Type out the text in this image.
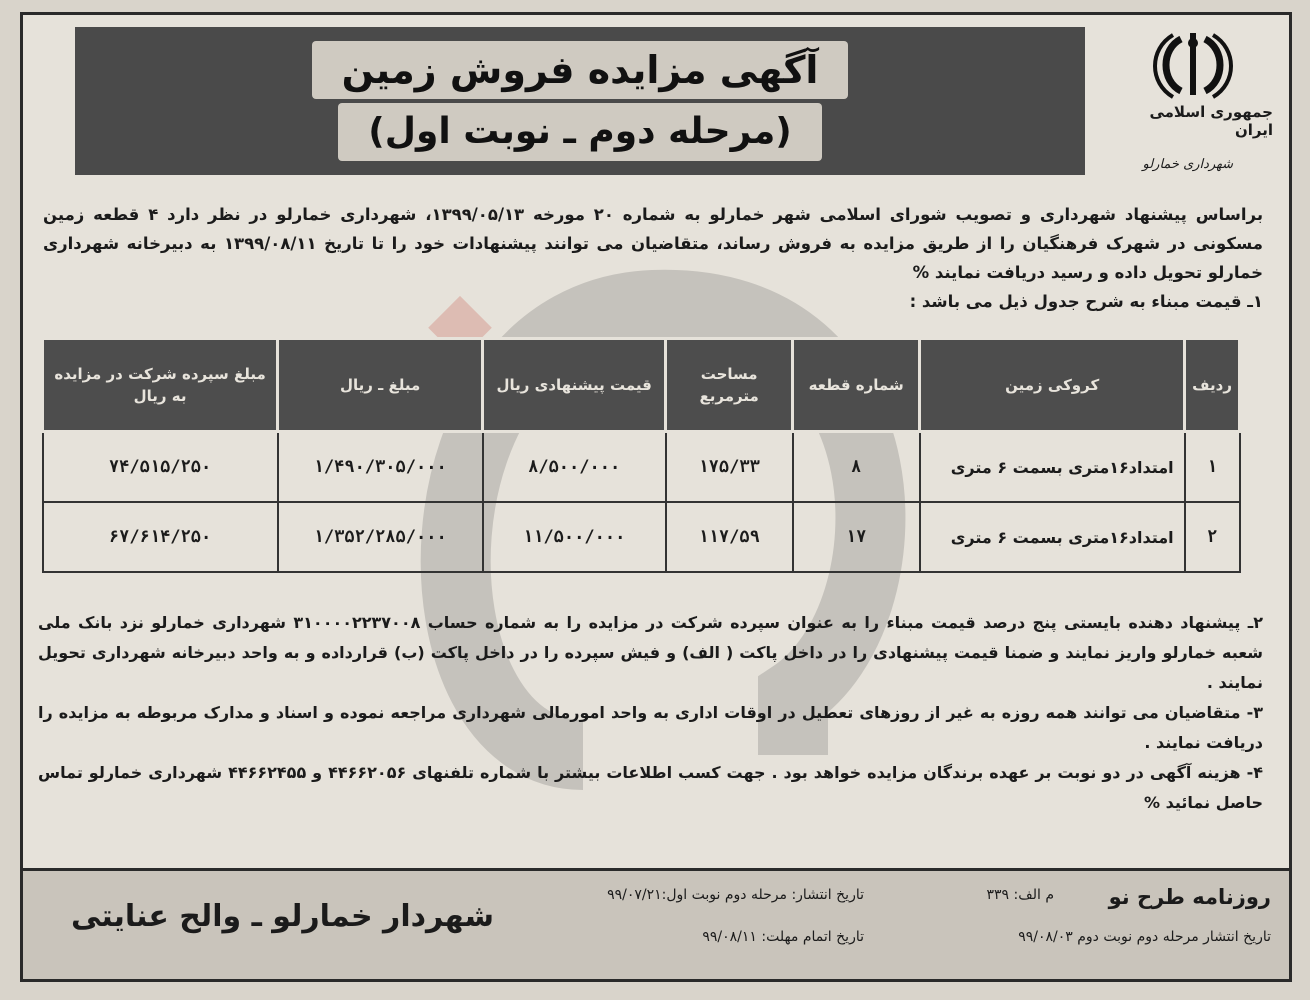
آگهی مزایده فروش زمین
(مرحله دوم ـ نوبت اول)	جمهوری اسلامی ایران
شهرداری خمارلو

براساس پیشنهاد شهرداری و تصویب شورای اسلامی شهر خمارلو به شماره ۲۰ مورخه ۱۳۹۹/۰۵/۱۳، شهرداری خمارلو در نظر دارد ۴ قطعه زمین مسکونی در شهرک فرهنگیان را از طریق مزایده به فروش رساند، متقاضیان می توانند پیشنهادات خود را تا تاریخ ۱۳۹۹/۰۸/۱۱ به دبیرخانه شهرداری خمارلو تحویل داده و رسید دریافت نمایند %

۱ـ قیمت مبناء به شرح جدول ذیل می باشد :

ردیف	کروکی زمین	شماره قطعه	مساحت مترمربع	قیمت پیشنهادی ریال	مبلغ ـ ریال	مبلغ سپرده شرکت در مزایده به ریال
۱	امتداد۱۶متری بسمت ۶ متری	۸	۱۷۵/۳۳	۸/۵۰۰/۰۰۰	۱/۴۹۰/۳۰۵/۰۰۰	۷۴/۵۱۵/۲۵۰
۲	امتداد۱۶متری بسمت ۶ متری	۱۷	۱۱۷/۵۹	۱۱/۵۰۰/۰۰۰	۱/۳۵۲/۲۸۵/۰۰۰	۶۷/۶۱۴/۲۵۰

۲ـ پیشنهاد دهنده بایستی پنج درصد قیمت مبناء را به عنوان سپرده شرکت در مزایده را به شماره حساب ۳۱۰۰۰۰۲۲۳۷۰۰۸ شهرداری خمارلو نزد بانک ملی شعبه خمارلو واریز نمایند و ضمنا قیمت پیشنهادی را در داخل پاکت ( الف) و فیش سپرده را در داخل پاکت (ب) قرارداده و به واحد دبیرخانه شهرداری تحویل نمایند .

۳- متقاضیان می توانند همه روزه به غیر از روزهای تعطیل در اوقات اداری به واحد امورمالی شهرداری مراجعه نموده و اسناد و مدارک مربوطه به مزایده را دریافت نمایند .

۴- هزینه آگهی در دو نوبت بر عهده برندگان مزایده خواهد بود . جهت کسب اطلاعات بیشتر با شماره تلفنهای ۴۴۶۶۲۰۵۶ و ۴۴۶۶۲۴۵۵ شهرداری خمارلو تماس حاصل نمائید %

روزنامه طرح نو
م الف: ۳۳۹
تاریخ انتشار مرحله دوم نوبت دوم ۹۹/۰۸/۰۳
تاریخ انتشار: مرحله دوم نوبت اول:۹۹/۰۷/۲۱
تاریخ اتمام مهلت: ۹۹/۰۸/۱۱
شهردار خمارلو ـ والح عنایتی
